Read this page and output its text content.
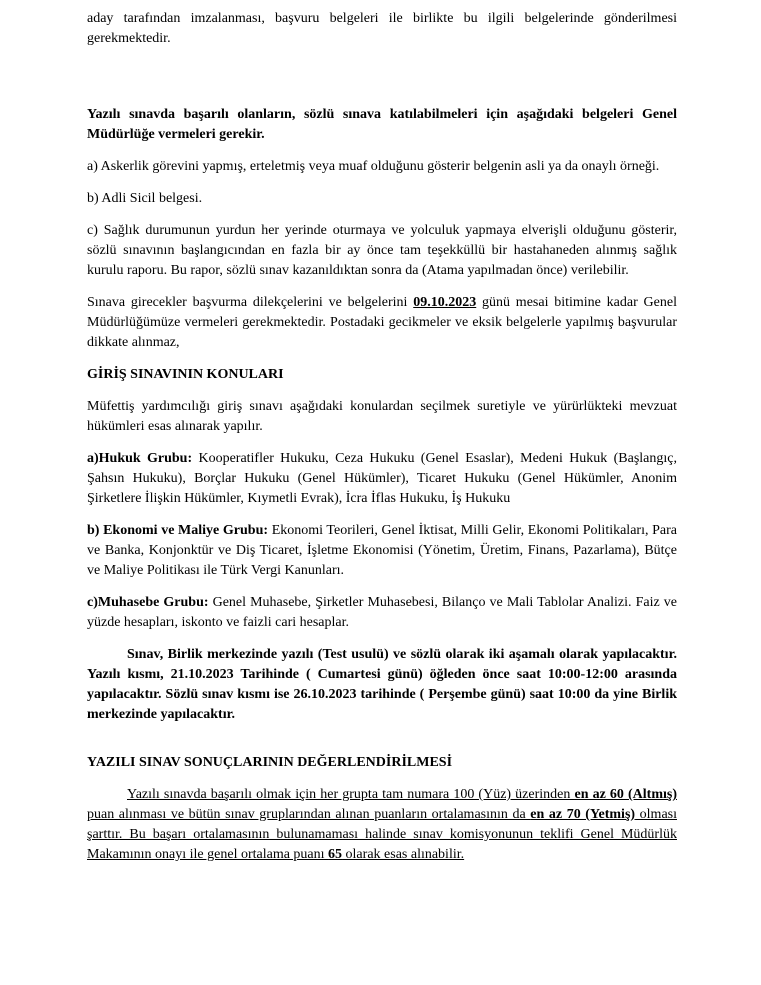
aday tarafından imzalanması, başvuru belgeleri ile birlikte bu ilgili belgelerinde gönderilmesi gerekmektedir.

Yazılı sınavda başarılı olanların, sözlü sınava katılabilmeleri için aşağıdaki belgeleri Genel Müdürlüğe vermeleri gerekir.

a) Askerlik görevini yapmış, erteletmiş veya muaf olduğunu gösterir belgenin asli ya da onaylı örneği.

b) Adli Sicil belgesi.

c) Sağlık durumunun yurdun her yerinde oturmaya ve yolculuk yapmaya elverişli olduğunu gösterir, sözlü sınavının başlangıcından en fazla bir ay önce tam teşekküllü bir hastahaneden alınmış sağlık kurulu raporu. Bu rapor, sözlü sınav kazanıldıktan sonra da (Atama yapılmadan önce) verilebilir.

Sınava girecekler başvurma dilekçelerini ve belgelerini 09.10.2023 günü mesai bitimine kadar Genel Müdürlüğümüze vermeleri gerekmektedir. Postadaki gecikmeler ve eksik belgelerle yapılmış başvurular dikkate alınmaz,

GİRİŞ SINAVININ KONULARI

Müfettiş yardımcılığı giriş sınavı aşağıdaki konulardan seçilmek suretiyle ve yürürlükteki mevzuat hükümleri esas alınarak yapılır.

a)Hukuk Grubu: Kooperatifler Hukuku, Ceza Hukuku (Genel Esaslar), Medeni Hukuk (Başlangıç, Şahsın Hukuku), Borçlar Hukuku (Genel Hükümler), Ticaret Hukuku (Genel Hükümler, Anonim Şirketlere İlişkin Hükümler, Kıymetli Evrak), İcra İflas Hukuku, İş Hukuku

b) Ekonomi ve Maliye Grubu: Ekonomi Teorileri, Genel İktisat, Milli Gelir, Ekonomi Politikaları, Para ve Banka, Konjonktür ve Diş Ticaret, İşletme Ekonomisi (Yönetim, Üretim, Finans, Pazarlama), Bütçe ve Maliye Politikası ile Türk Vergi Kanunları.

c)Muhasebe Grubu: Genel Muhasebe, Şirketler Muhasebesi, Bilanço ve Mali Tablolar Analizi. Faiz ve yüzde hesapları, iskonto ve faizli cari hesaplar.

Sınav, Birlik merkezinde yazılı (Test usulü) ve sözlü olarak iki aşamalı olarak yapılacaktır. Yazılı kısmı, 21.10.2023 Tarihinde ( Cumartesi günü) öğleden önce saat 10:00-12:00 arasında yapılacaktır. Sözlü sınav kısmı ise 26.10.2023 tarihinde ( Perşembe günü) saat 10:00 da yine Birlik merkezinde yapılacaktır.

YAZILI SINAV SONUÇLARININ DEĞERLENDİRİLMESİ

Yazılı sınavda başarılı olmak için her grupta tam numara 100 (Yüz) üzerinden en az 60 (Altmış) puan alınması ve bütün sınav gruplarından alınan puanların ortalamasının da en az 70 (Yetmiş) olması şarttır. Bu başarı ortalamasının bulunamaması halinde sınav komisyonunun teklifi Genel Müdürlük Makamının onayı ile genel ortalama puanı 65 olarak esas alınabilir.
